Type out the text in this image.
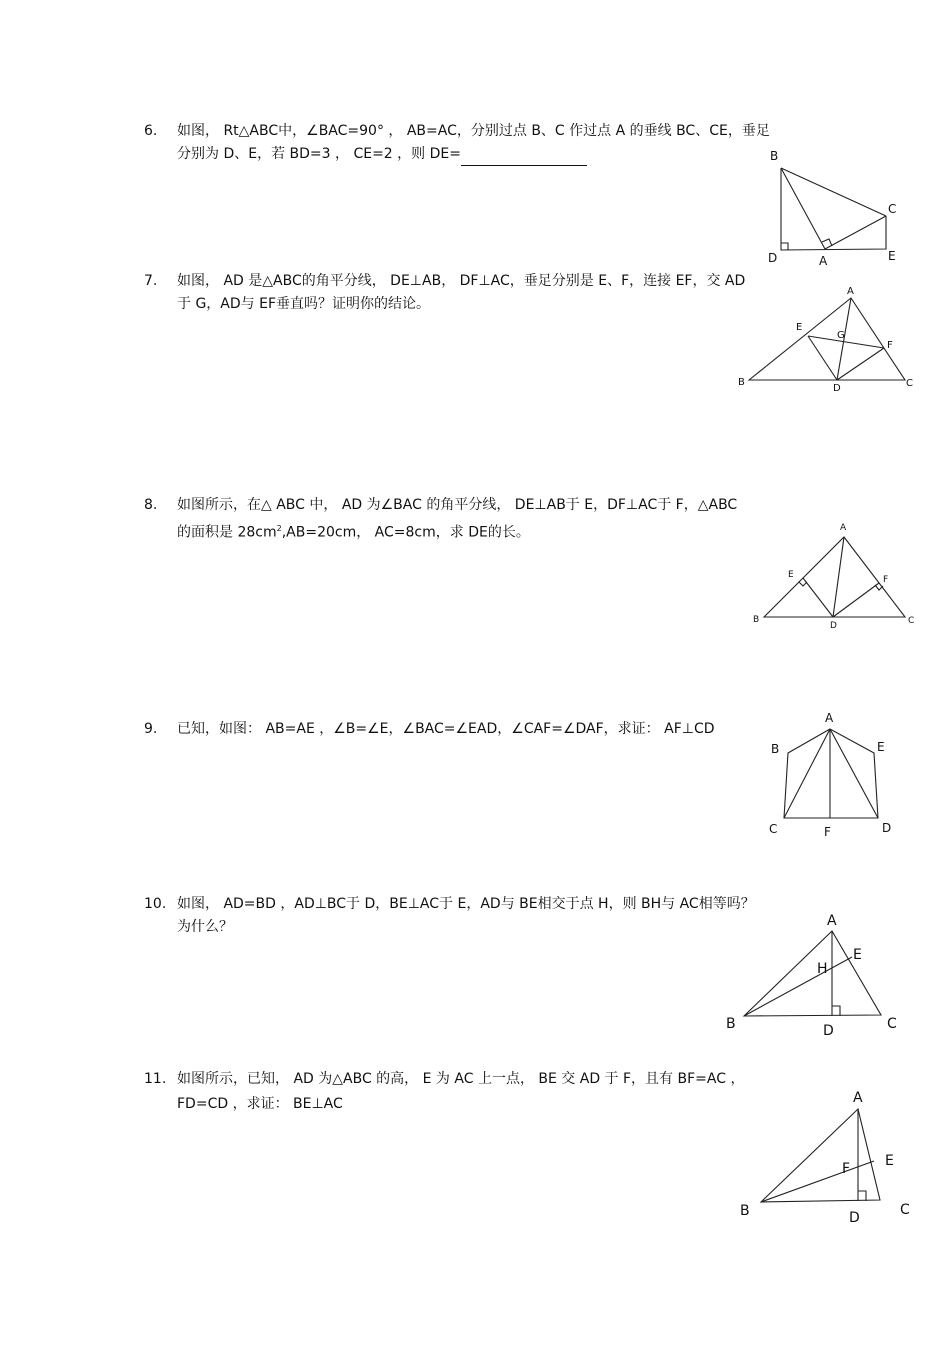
6.	如图， Rt△ABC中，∠BAC=90° ， AB=AC，分别过点 B、C 作过点 A 的垂线 BC、CE，垂足
分别为 D、E，若 BD=3 ， CE=2 ，则 DE=	B
C
D	A	E
7.	如图， AD 是△ABC的角平分线， DE⊥AB， DF⊥AC，垂足分别是 E、F，连接 EF，交 AD
于 G，AD与 EF垂直吗？证明你的结论。
A
E
G
F
B
D	C
8.	如图所示，在△ ABC 中， AD 为∠BAC 的角平分线， DE⊥AB于 E，DF⊥AC于 F，△ABC
的面积是 $28cm^2,AB=20cm$， AC=8cm，求 DE的长。	A
E	F
B
D	C
9.	已知，如图： AB=AE ，∠B=∠E，∠BAC=∠EAD，∠CAF=∠DAF，求证： AF⊥CD
A
B	E
C	F	D
10. 如图， AD=BD ，AD⊥BC于 D，BE⊥AC于 E，AD与 BE相交于点 H，则 BH与 AC相等吗？
为什么？	A
E
H
B	D	C
11. 如图所示，已知， AD 为△ABC 的高， E 为 AC 上一点， BE 交 AD 于 F，且有 BF=AC ，
FD=CD ，求证： BE⊥AC	A
F E
B	D	C
